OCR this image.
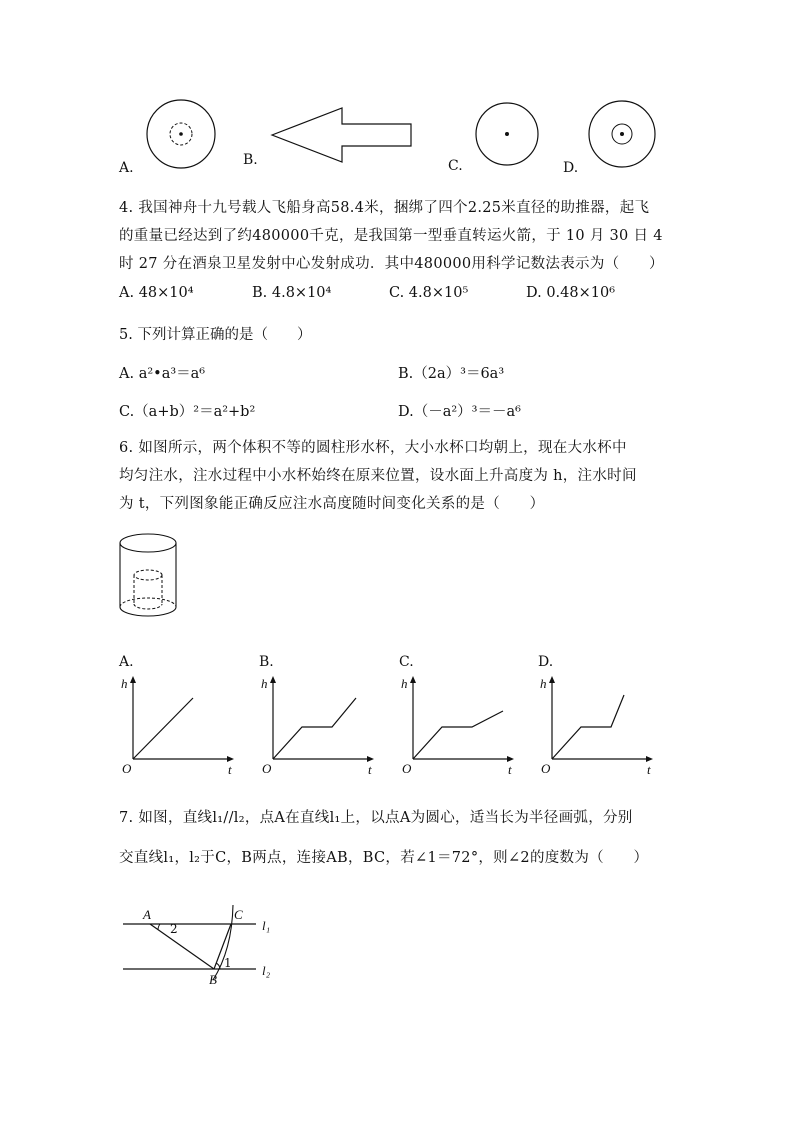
A.	B.	C.	D.
4. 我国神舟十九号载人飞船身高58.4米，捆绑了四个2.25米直径的助推器，起飞
的重量已经达到了约480000千克，是我国第一型垂直转运火箭，于 10 月 30 日 4
时 27 分在酒泉卫星发射中心发射成功．其中480000用科学记数法表示为（　　）
A. 48×10⁴	B. 4.8×10⁴	C. 4.8×10⁵	D. 0.48×10⁶
5. 下列计算正确的是（　　）
A. a²•a³＝a⁶	B.（2a）³＝6a³
C.（a+b）²＝a²+b²	D.（－a²）³＝－a⁶
6. 如图所示，两个体积不等的圆柱形水杯，大小水杯口均朝上，现在大水杯中
均匀注水，注水过程中小水杯始终在原来位置，设水面上升高度为 h，注水时间
为 t，下列图象能正确反应注水高度随时间变化关系的是（　　）
A.	B.	C.	D.
h
O	t
h
O	t
h
O	t
h
O	t
7. 如图，直线l₁//l₂，点A在直线l₁上，以点A为圆心，适当长为半径画弧，分别
交直线l₁，l₂于C，B两点，连接AB，BC，若∠1＝72°，则∠2的度数为（　　）
A	C
B
2
1
l₁
l₂
